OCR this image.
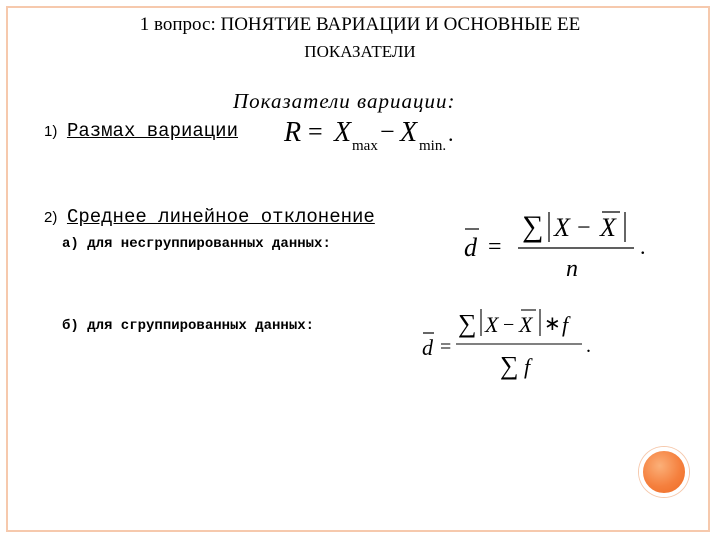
1 вопрос: ПОНЯТИЕ ВАРИАЦИИ И ОСНОВНЫЕ ЕЕ
ПОКАЗАТЕЛИ
Показатели вариации:
1) Размах вариации
2) Среднее линейное отклонение
а) для несгруппированных данных:
б) для сгруппированных данных:
R = X max − X min. .
d =
∑ X − X
n
.
d =
∑ X − X ∗ f
∑ f
.
